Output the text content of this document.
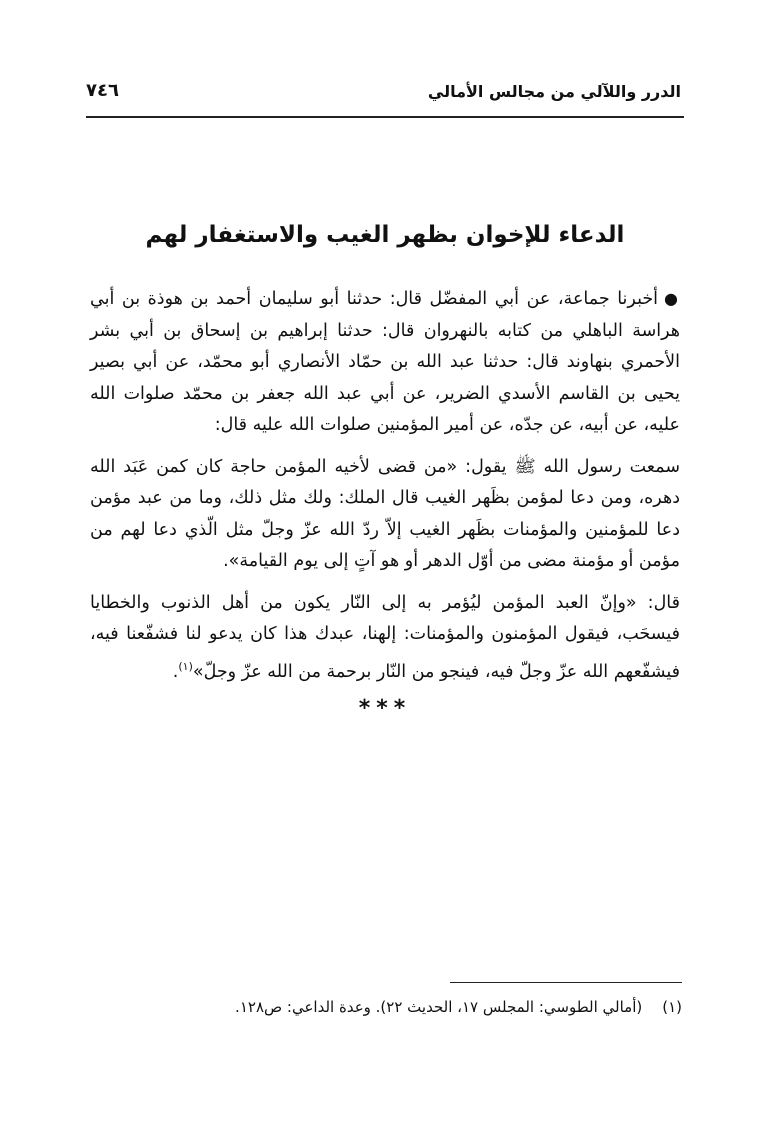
٧٤٦	الدرر واللآلي من مجالس الأمالي
الدعاء للإخوان بظهر الغيب والاستغفار لهم

●أخبرنا جماعة، عن أبي المفضّل قال: حدثنا أبو سليمان أحمد بن هوذة بن أبي هراسة الباهلي من كتابه بالنهروان قال: حدثنا إبراهيم بن إسحاق بن أبي بشر الأحمري بنهاوند قال: حدثنا عبد الله بن حمّاد الأنصاري أبو محمّد، عن أبي بصير يحيى بن القاسم الأسدي الضرير، عن أبي عبد الله جعفر بن محمّد صلوات الله عليه، عن أبيه، عن جدّه، عن أمير المؤمنين صلوات الله عليه قال:

سمعت رسول الله ﷺ يقول: «من قضى لأخيه المؤمن حاجة كان كمن عَبَد الله دهره، ومن دعا لمؤمن بظَهر الغيب قال الملك: ولك مثل ذلك، وما من عبد مؤمن دعا للمؤمنين والمؤمنات بظَهر الغيب إلاّ ردّ الله عزّ وجلّ مثل الّذي دعا لهم من مؤمن أو مؤمنة مضى من أوّل الدهر أو هو آتٍ إلى يوم القيامة».

قال: «وإنّ العبد المؤمن ليُؤمر به إلى النّار يكون من أهل الذنوب والخطايا فيسحَب، فيقول المؤمنون والمؤمنات: إلهنا، عبدك هذا كان يدعو لنا فشفّعنا فيه، فيشفّعهم الله عزّ وجلّ فيه، فينجو من النّار برحمة من الله عزّ وجلّ»$^{(١)}$.

***
(١)(أمالي الطوسي: المجلس ١٧، الحديث ٢٢). وعدة الداعي: ص١٢٨.
